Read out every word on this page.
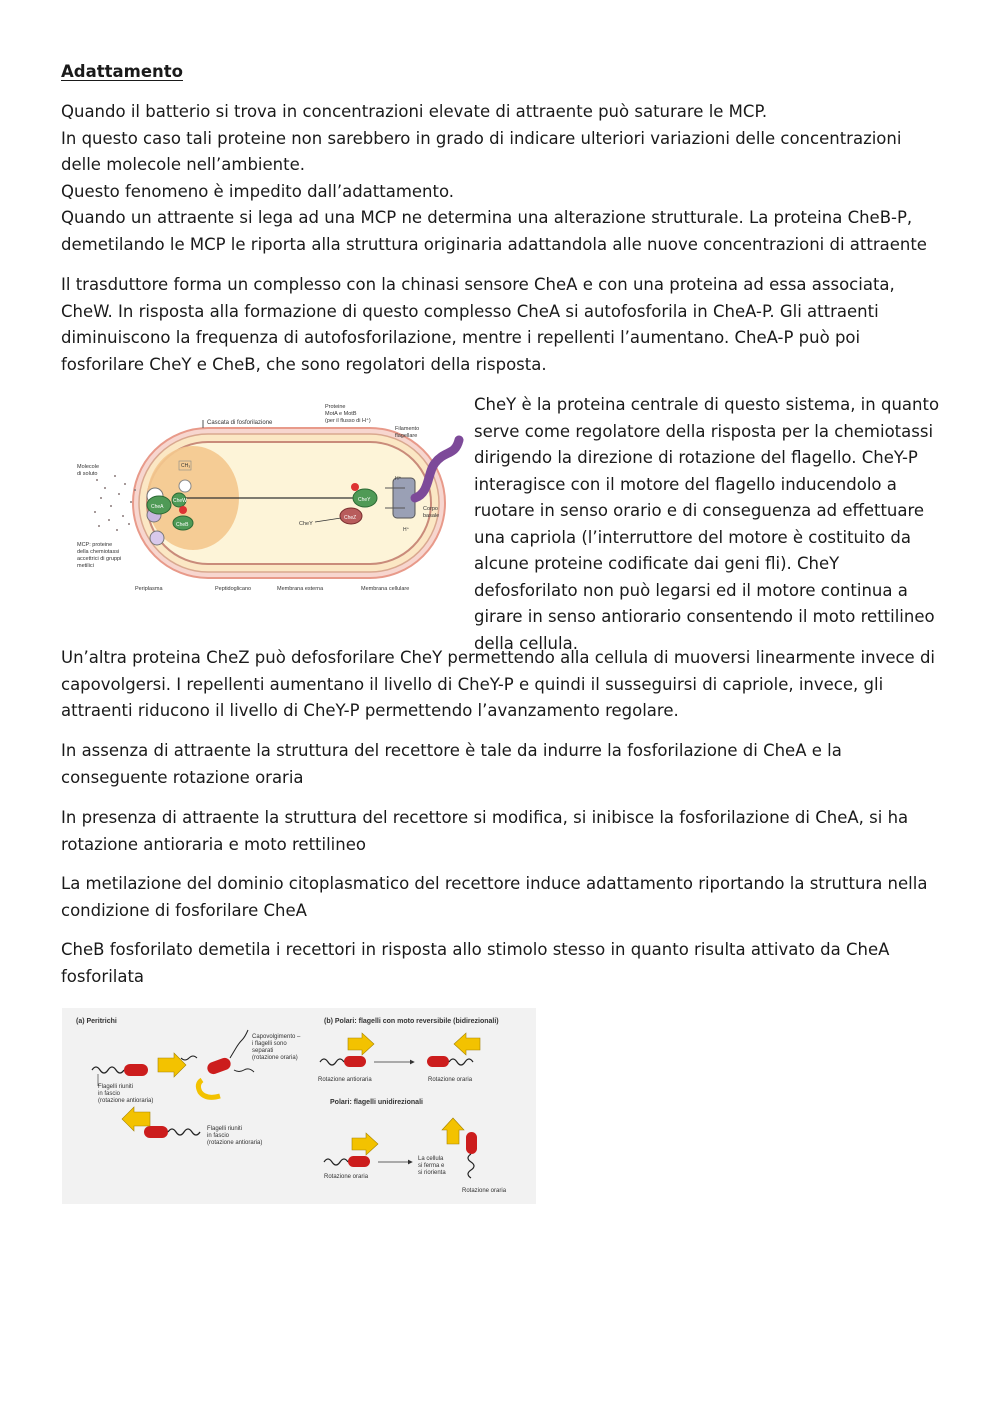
Adattamento

Quando il batterio si trova in concentrazioni elevate di attraente può saturare le MCP.
In questo caso tali proteine non sarebbero in grado di indicare ulteriori variazioni delle concentrazioni delle molecole nell’ambiente.
Questo fenomeno è impedito dall’adattamento.
Quando un attraente si lega ad una MCP ne determina una alterazione strutturale. La proteina CheB-P, demetilando le MCP le riporta alla struttura originaria adattandola alle nuove concentrazioni di attraente

Il trasduttore forma un complesso con la chinasi sensore CheA e con una proteina ad essa associata, CheW. In risposta alla formazione di questo complesso CheA si autofosforila in CheA-P. Gli attraenti diminuiscono la frequenza di autofosforilazione, mentre i repellenti l’aumentano. CheA-P può poi fosforilare CheY e CheB, che sono regolatori della risposta.

CheA
CheW
CheB
CH₃
CheY
CheZ
CheY
H⁺
H⁺
Cascata di fosforilazione
Proteine
MotA e MotB
(per il flusso di H⁺)
Filamento
flagellare
Molecole
di soluto
MCP: proteine
della chemiotassi
accettrici di gruppi
metilici
Corpo
basale
Periplasma	Peptidoglicano	Membrana esterna	Membrana cellulare

CheY è la proteina centrale di questo sistema, in quanto serve come regolatore della risposta per la chemiotassi dirigendo la direzione di rotazione del flagello. CheY-P interagisce con il motore del flagello inducendolo a ruotare in senso orario e di conseguenza ad effettuare una capriola (l’interruttore del motore è costituito da alcune proteine codificate dai geni fli). CheY defosforilato non può legarsi ed il motore continua a girare in senso antiorario consentendo il moto rettilineo della cellula.

Un’altra proteina CheZ può defosforilare CheY permettendo alla cellula di muoversi linearmente invece di capovolgersi. I repellenti aumentano il livello di CheY-P e quindi il susseguirsi di capriole, invece, gli attraenti riducono il livello di CheY-P permettendo l’avanzamento regolare.

In assenza di attraente la struttura del recettore è tale da indurre la fosforilazione di CheA e la conseguente rotazione oraria

In presenza di attraente la struttura del recettore si modifica, si inibisce la fosforilazione di CheA, si ha rotazione antioraria e moto rettilineo

La metilazione del dominio citoplasmatico del recettore induce adattamento riportando la struttura nella condizione di fosforilare CheA

CheB fosforilato demetila i recettori in risposta allo stimolo stesso in quanto risulta attivato da CheA fosforilata

(a) Peritrichi
Flagelli riuniti
in fascio
(rotazione antioraria)
Capovolgimento –
i flagelli sono
separati
(rotazione oraria)
Flagelli riuniti
in fascio
(rotazione antioraria)
(b) Polari: flagelli con moto reversibile (bidirezionali)
Rotazione antioraria	Rotazione oraria
Polari: flagelli unidirezionali
Rotazione oraria
La cellula
si ferma e
si riorienta
Rotazione oraria
